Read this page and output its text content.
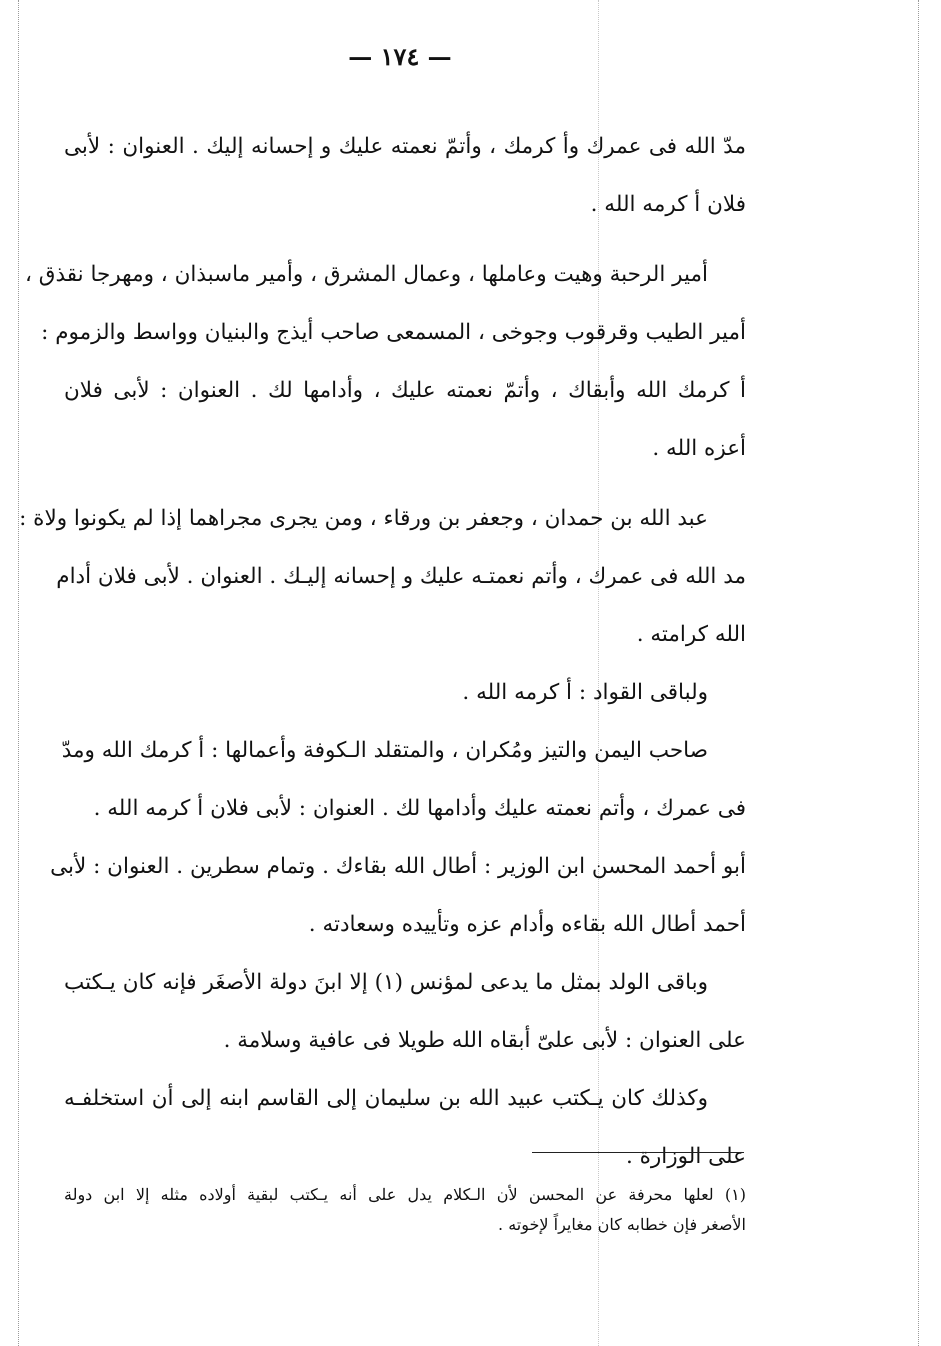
— ١٧٤ —
مدّ الله فى عمرك وأ كرمك ، وأتمّ نعمته عليك و إحسانه إليك . العنوان : لأبى
فلان أ كرمه الله .
أمير الرحبة وهيت وعاملها ، وعمال المشرق ، وأمير ماسبذان ، ومهرجا نقذق ،
أمير الطيب وقرقوب وجوخى ، المسمعى صاحب أيذج والبنيان وواسط والزموم :
أ كرمك الله وأبقاك ، وأتمّ نعمته عليك ، وأدامها لك . العنوان : لأبى فلان
أعزه الله .
عبد الله بن حمدان ، وجعفر بن ورقاء ، ومن يجرى مجراهما إذا لم يكونوا ولاة :
مد الله فى عمرك ، وأتم نعمتـه عليك و إحسانه إليـك . العنوان . لأبى فلان أدام
الله كرامته .
ولباقى القواد : أ كرمه الله .
صاحب اليمن والتيز ومُكران ، والمتقلد الـكوفة وأعمالها : أ كرمك الله ومدّ
فى عمرك ، وأتم نعمته عليك وأدامها لك . العنوان : لأبى فلان أ كرمه الله .
أبو أحمد المحسن ابن الوزير : أطال الله بقاءك . وتمام سطرين . العنوان : لأبى
أحمد أطال الله بقاءه وأدام عزه وتأييده وسعادته .
وباقى الولد بمثل ما يدعى لمؤنس (١) إلا ابنَ دولة الأصغَر فإنه كان يـكتب
على العنوان : لأبى علىّ أبقاه الله طويلا فى عافية وسلامة .
وكذلك كان يـكتب عبيد الله بن سليمان إلى القاسم ابنه إلى أن استخلفـه
على الوزارة .
(١) لعلها محرفة عن المحسن لأن الـكلام يدل على أنه يـكتب لبقية أولاده مثله إلا ابن دولة
الأصغر فإن خطابه كان مغايراً لإخوته .
